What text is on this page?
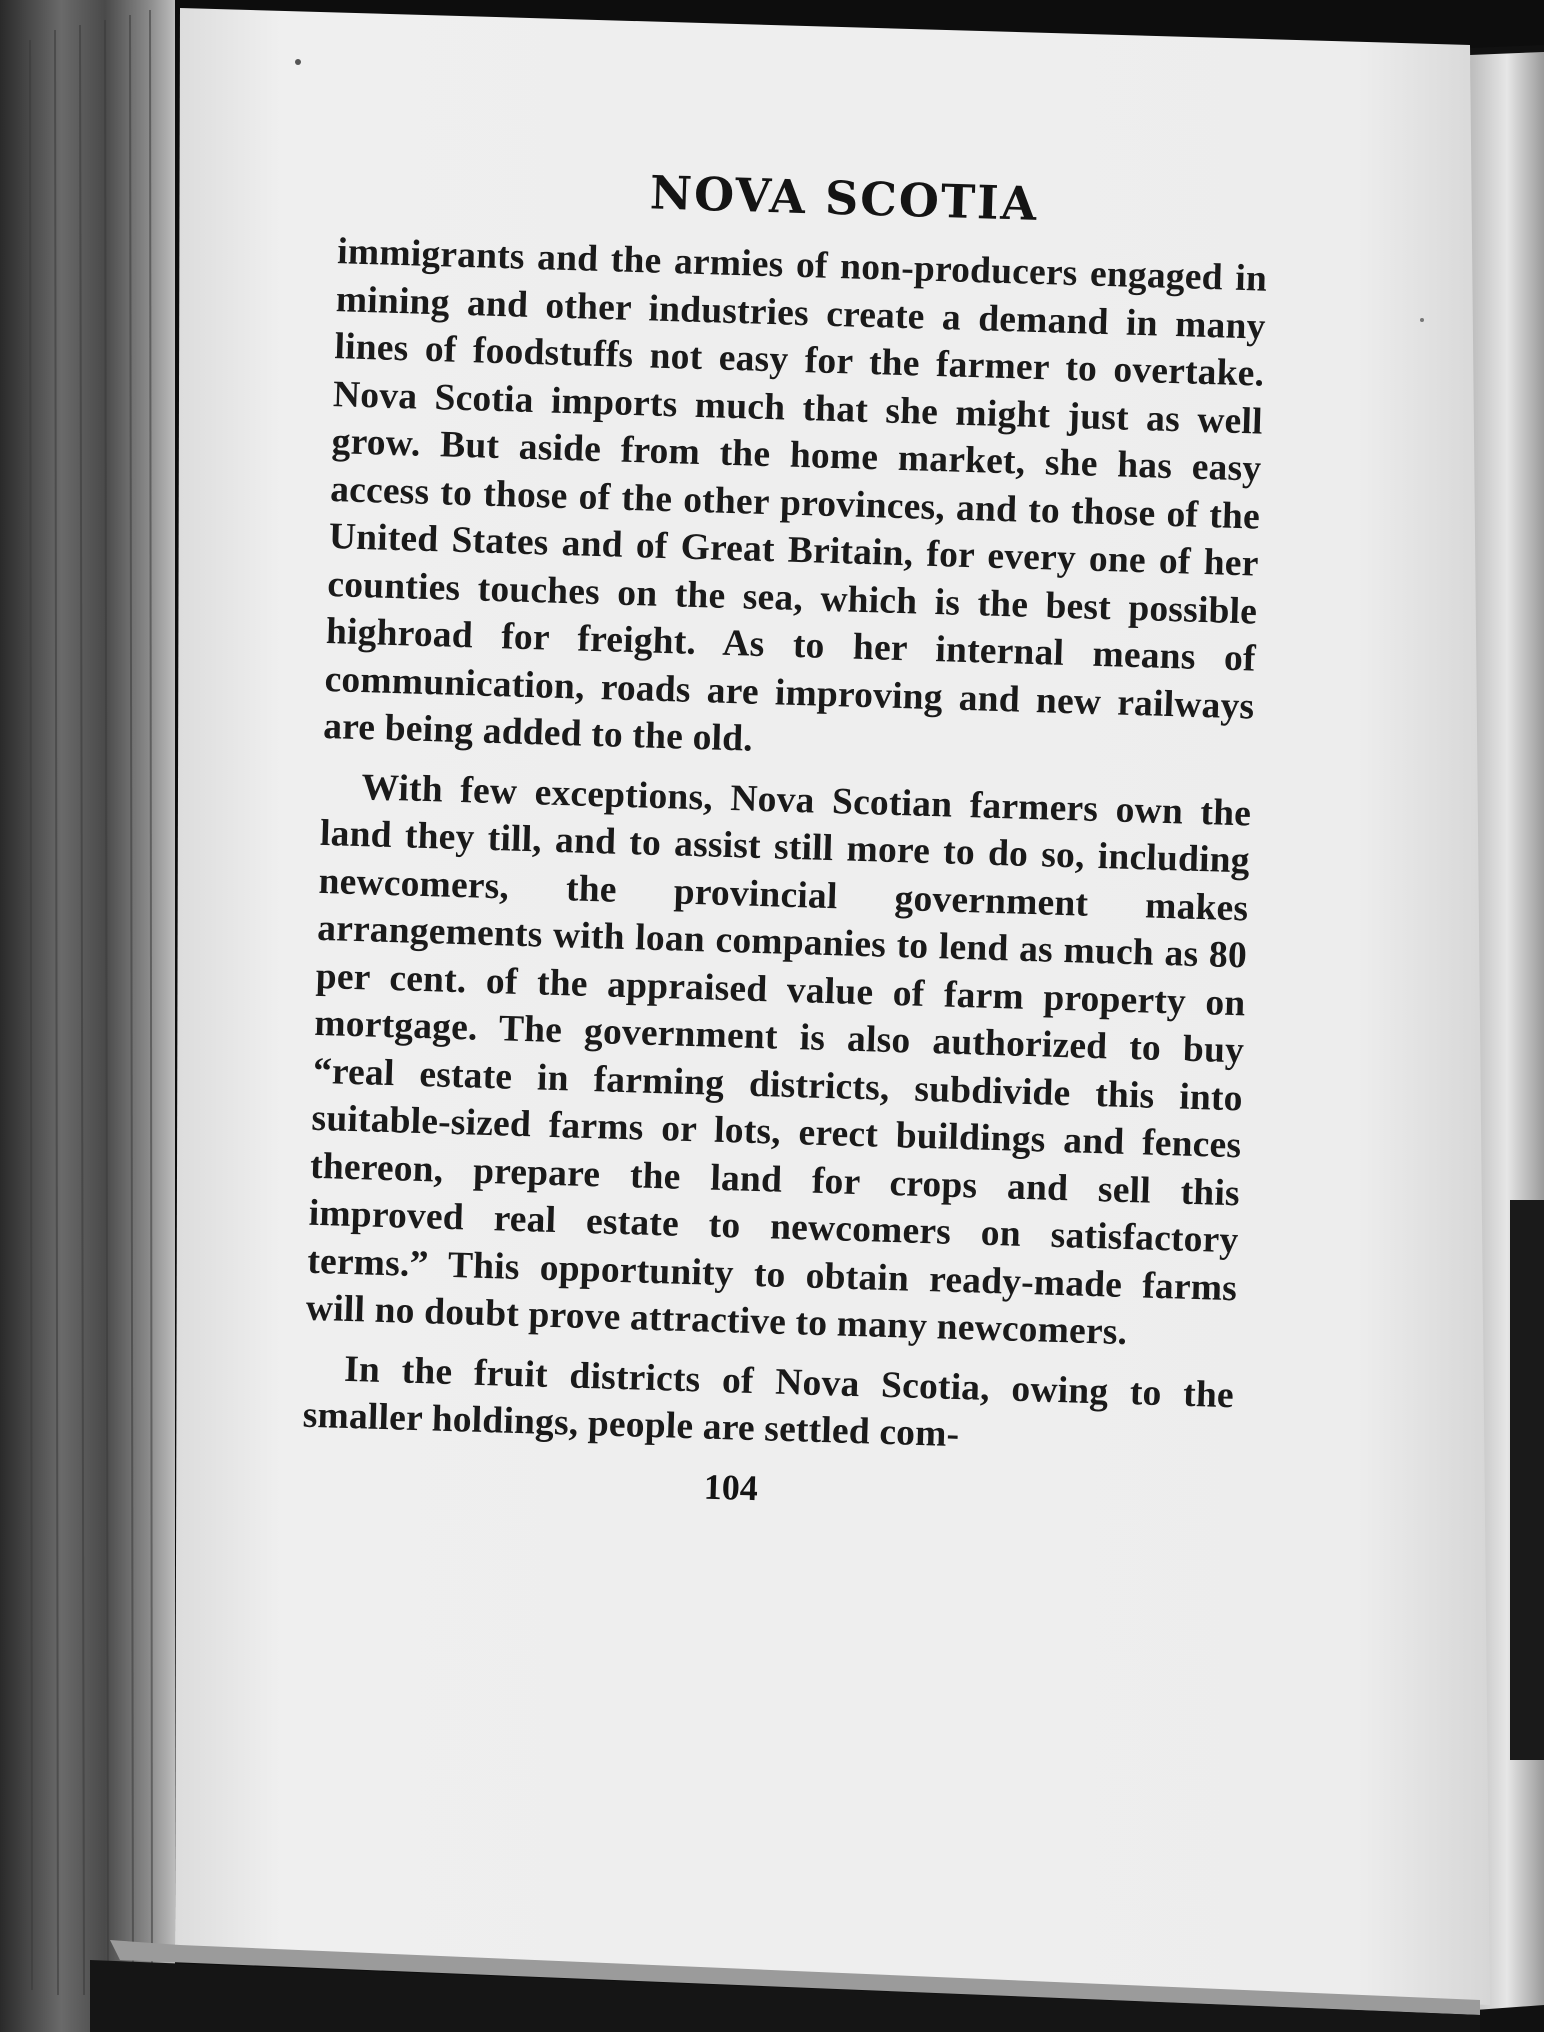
NOVA SCOTIA

immigrants and the armies of non-producers engaged in mining and other industries create a demand in many lines of foodstuffs not easy for the farmer to overtake. Nova Scotia imports much that she might just as well grow. But aside from the home market, she has easy access to those of the other provinces, and to those of the United States and of Great Britain, for every one of her counties touches on the sea, which is the best possible highroad for freight. As to her internal means of communication, roads are improving and new railways are being added to the old.

With few exceptions, Nova Scotian farmers own the land they till, and to assist still more to do so, including newcomers, the provincial government makes arrangements with loan companies to lend as much as 80 per cent. of the appraised value of farm property on mortgage. The government is also authorized to buy “real estate in farming districts, subdivide this into suitable-sized farms or lots, erect buildings and fences thereon, prepare the land for crops and sell this improved real estate to newcomers on satisfactory terms.” This opportunity to obtain ready-made farms will no doubt prove attractive to many newcomers.

In the fruit districts of Nova Scotia, owing to the smaller holdings, people are settled com-

104
